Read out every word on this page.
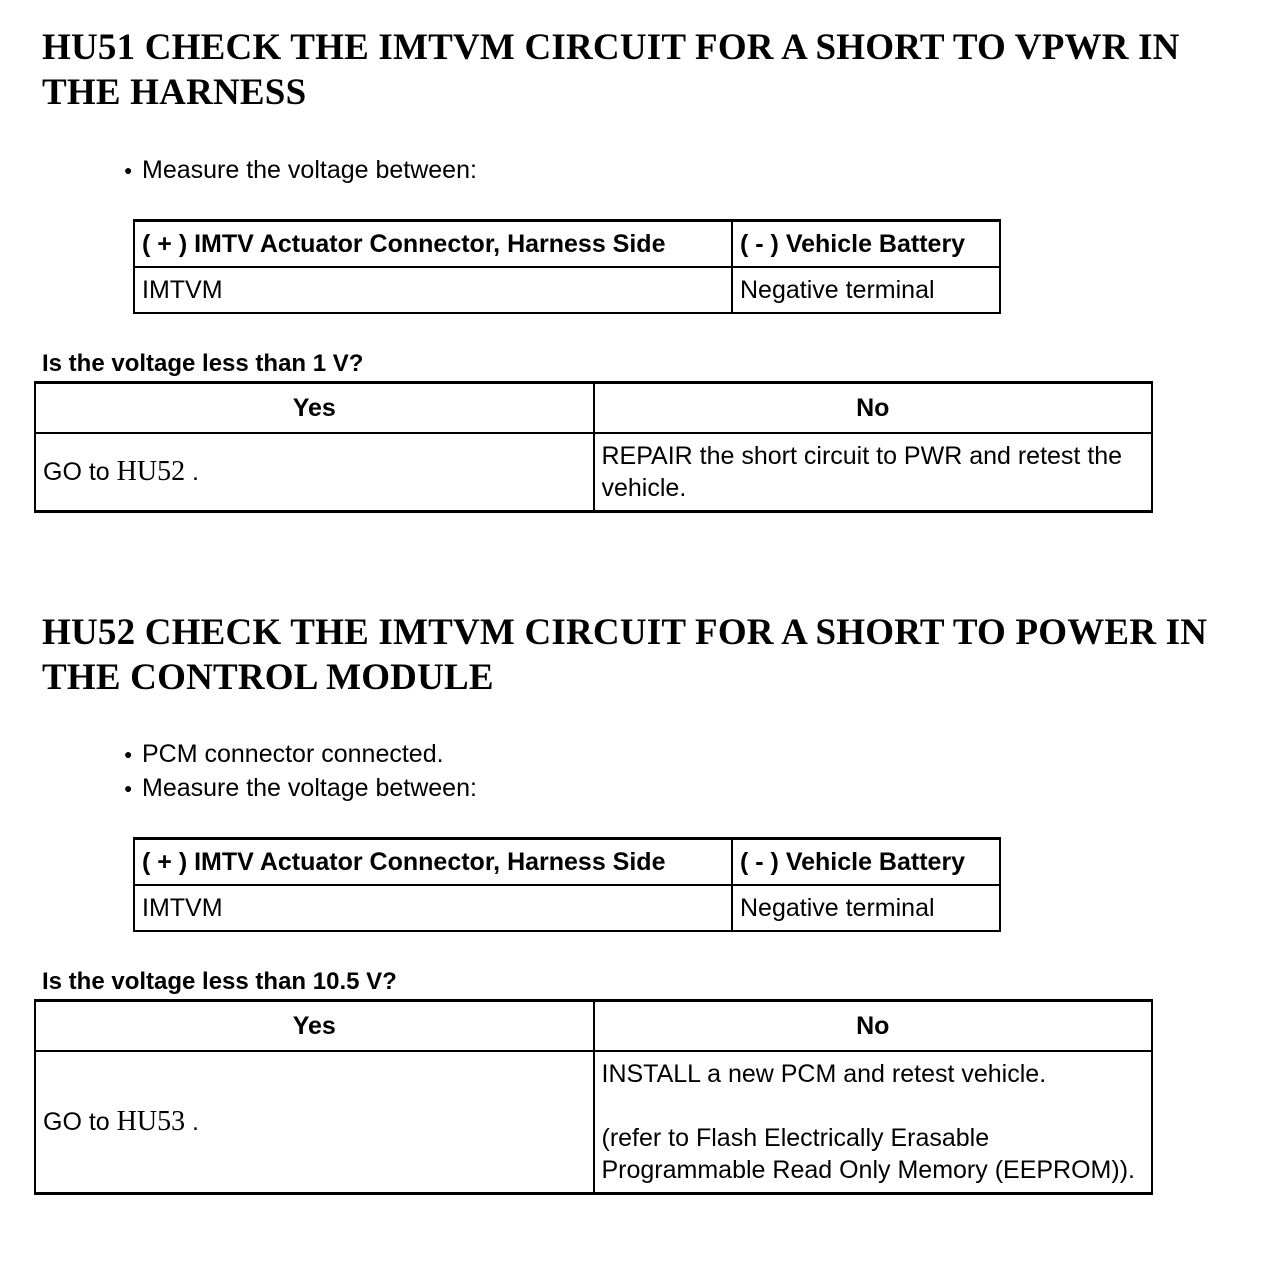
HU51 CHECK THE IMTVM CIRCUIT FOR A SHORT TO VPWR IN THE HARNESS
● Measure the voltage between:
( + ) IMTV Actuator Connector, Harness Side	( - ) Vehicle Battery
IMTVM	Negative terminal

Is the voltage less than 1 V?

Yes	No
GO to HU52 .	REPAIR the short circuit to PWR and retest the vehicle.
HU52 CHECK THE IMTVM CIRCUIT FOR A SHORT TO POWER IN THE CONTROL MODULE
● PCM connector connected.
● Measure the voltage between:
( + ) IMTV Actuator Connector, Harness Side	( - ) Vehicle Battery
IMTVM	Negative terminal

Is the voltage less than 10.5 V?

Yes	No
GO to HU53 .	INSTALL a new PCM and retest vehicle.
(refer to Flash Electrically Erasable Programmable Read Only Memory (EEPROM)).
